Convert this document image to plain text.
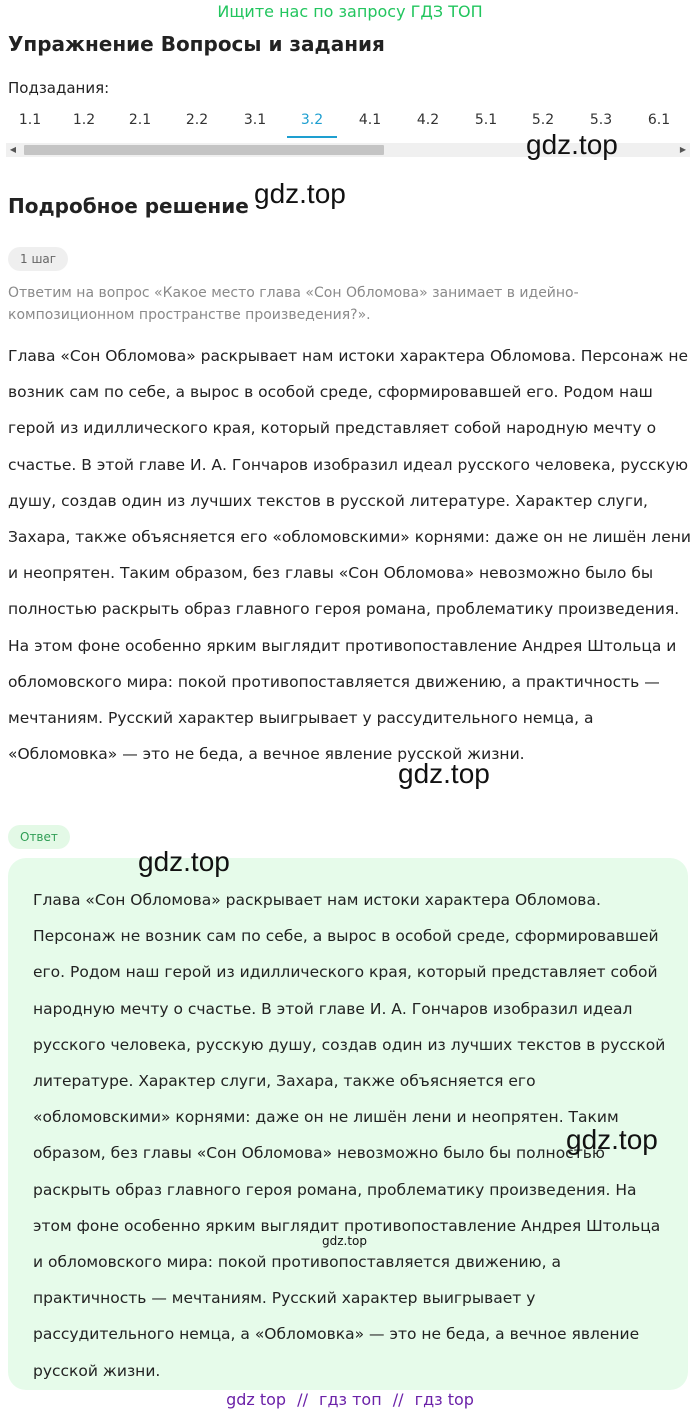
Ищите нас по запросу ГДЗ ТОП
Упражнение Вопросы и задания
Подзадания:
1.1	1.2	2.1	2.2	3.1	3.2	4.1	4.2	5.1	5.2	5.3	6.1
◀	▶
gdz.top
Подробное решение gdz.top
1 шаг
Ответим на вопрос «Какое место глава «Сон Обломова» занимает в идейно-композиционном пространстве произведения?».

Глава «Сон Обломова» раскрывает нам истоки характера Обломова. Персонаж не возник сам по себе, а вырос в особой среде, сформировавшей его. Родом наш герой из идиллического края, который представляет собой народную мечту о счастье. В этой главе И. А. Гончаров изобразил идеал русского человека, русскую душу, создав один из лучших текстов в русской литературе. Характер слуги, Захара, также объясняется его «обломовскими» корнями: даже он не лишён лени и неопрятен. Таким образом, без главы «Сон Обломова» невозможно было бы полностью раскрыть образ главного героя романа, проблематику произведения. На этом фоне особенно ярким выглядит противопоставление Андрея Штольца и обломовского мира: покой противопоставляется движению, а практичность — мечтаниям. Русский характер выигрывает у рассудительного немца, а «Обломовка» — это не беда, а вечное явление русской жизни.

gdz.top
Ответ
gdz.top

Глава «Сон Обломова» раскрывает нам истоки характера Обломова. Персонаж не возник сам по себе, а вырос в особой среде, сформировавшей его. Родом наш герой из идиллического края, который представляет собой народную мечту о счастье. В этой главе И. А. Гончаров изобразил идеал русского человека, русскую душу, создав один из лучших текстов в русской литературе. Характер слуги, Захара, также объясняется его «обломовскими» корнями: даже он не лишён лени и неопрятен. Таким образом, без главы «Сон Обломова» невозможно было бы полностью раскрыть образ главного героя романа, проблематику произведения. На этом фоне особенно ярким выглядит противопоставление Андрея Штольца и обломовского мира: покой противопоставляется движению, а практичность — мечтаниям. Русский характер выигрывает у рассудительного немца, а «Обломовка» — это не беда, а вечное явление русской жизни.

gdz.top
gdz.top
gdz top // гдз топ // гдз top
